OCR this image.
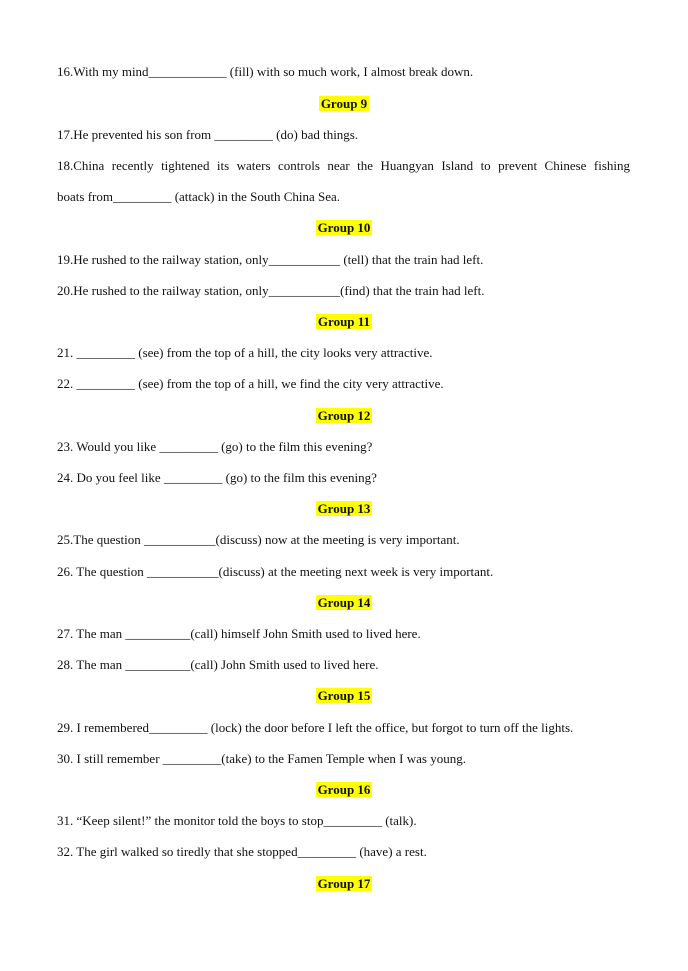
16.With my mind____________ (fill) with so much work, I almost break down.
Group 9
17.He prevented his son from _________ (do) bad things.
18.China recently tightened its waters controls near the Huangyan Island to prevent Chinese fishing
boats from_________ (attack) in the South China Sea.
Group 10
19.He rushed to the railway station, only___________ (tell) that the train had left.
20.He rushed to the railway station, only___________(find) that the train had left.
Group 11
21. _________ (see) from the top of a hill, the city looks very attractive.
22. _________ (see) from the top of a hill, we find the city very attractive.
Group 12
23. Would you like _________ (go) to the film this evening?
24. Do you feel like _________ (go) to the film this evening?
Group 13
25.The question ___________(discuss) now at the meeting is very important.
26. The question ___________(discuss) at the meeting next week is very important.
Group 14
27. The man __________(call) himself John Smith used to lived here.
28. The man __________(call) John Smith used to lived here.
Group 15
29. I remembered_________ (lock) the door before I left the office, but forgot to turn off the lights.
30. I still remember _________(take) to the Famen Temple when I was young.
Group 16
31. “Keep silent!” the monitor told the boys to stop_________ (talk).
32. The girl walked so tiredly that she stopped_________ (have) a rest.
Group 17
